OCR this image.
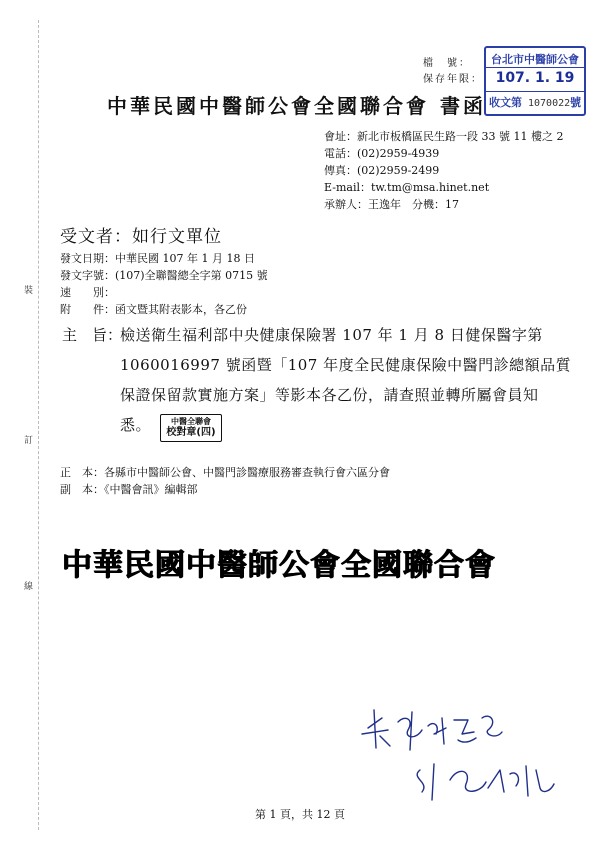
裝
訂
線
檔　號：
保存年限：
台北市中醫師公會
107. 1. 19
收文第 1070022 號
中華民國中醫師公會全國聯合會 書函
會址：新北市板橋區民生路一段 33 號 11 樓之 2
電話：(02)2959-4939
傳真：(02)2959-2499
E-mail：tw.tm@msa.hinet.net
承辦人：王逸年　分機：17
受文者：如行文單位
發文日期：中華民國 107 年 1 月 18 日
發文字號：(107)全聯醫總全字第 0715 號
速　　別：
附　　件：函文暨其附表影本，各乙份
主　旨：
檢送衛生福利部中央健康保險署 107 年 1 月 8 日健保醫字第
1060016997 號函暨「107 年度全民健康保險中醫門診總額品質
保證保留款實施方案」等影本各乙份，請查照並轉所屬會員知
悉。	中醫全聯會
校對章(四)
正　本：各縣市中醫師公會、中醫門診醫療服務審查執行會六區分會
副　本：《中醫會訊》編輯部
中華民國中醫師公會全國聯合會
第 1 頁，共 12 頁
